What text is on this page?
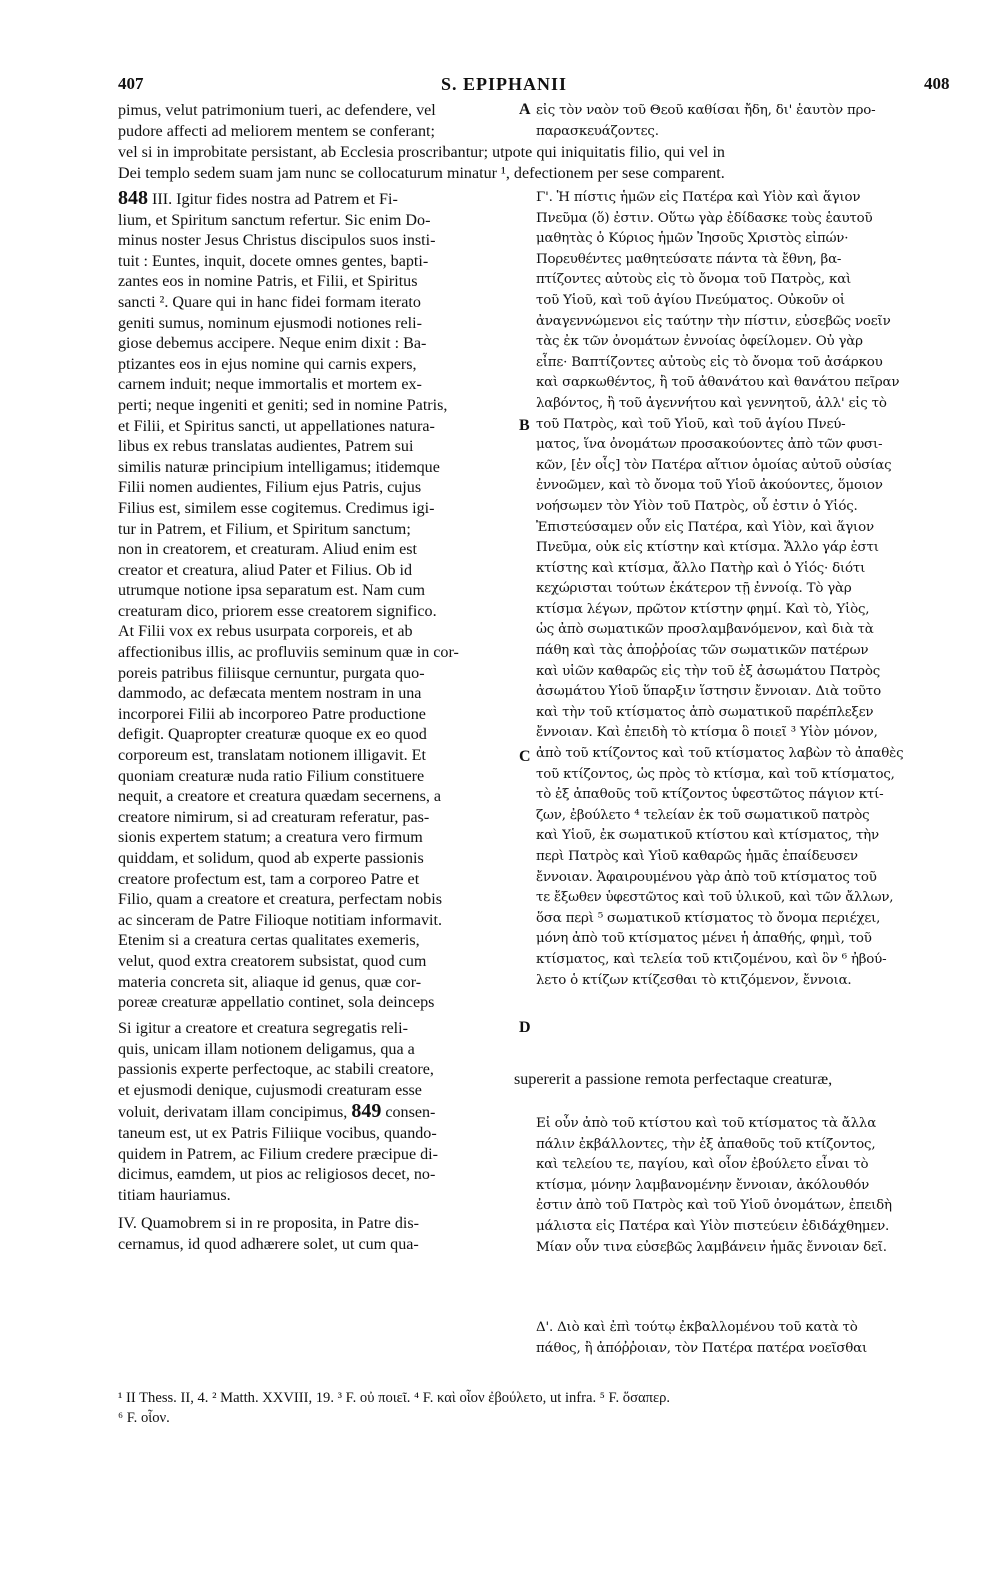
407	S. EPIPHANII	408
pimus, velut patrimonium tueri, ac defendere, vel
pudore affecti ad meliorem mentem se conferant;
A εἰς τὸν ναὸν τοῦ Θεοῦ καθίσαι ἤδη, δι' ἑαυτὸν προ-
παρασκευάζοντες.
vel si in improbitate persistant, ab Ecclesia proscribantur; utpote qui iniquitatis filio, qui vel in
Dei templo sedem suam jam nunc se collocaturum minatur ¹, defectionem per sese comparent.
848 III. Igitur fides nostra ad Patrem et Fi-
lium, et Spiritum sanctum refertur. Sic enim Do-
minus noster Jesus Christus discipulos suos insti-
tuit : Euntes, inquit, docete omnes gentes, bapti-
zantes eos in nomine Patris, et Filii, et Spiritus
sancti ². Quare qui in hanc fidei formam iterato
geniti sumus, nominum ejusmodi notiones reli-
giose debemus accipere. Neque enim dixit : Ba-
ptizantes eos in ejus nomine qui carnis expers,
carnem induit; neque immortalis et mortem ex-
perti; neque ingeniti et geniti; sed in nomine Patris,
et Filii, et Spiritus sancti, ut appellationes natura-
libus ex rebus translatas audientes, Patrem sui
similis naturæ principium intelligamus; itidemque
Filii nomen audientes, Filium ejus Patris, cujus
Filius est, similem esse cogitemus. Credimus igi-
tur in Patrem, et Filium, et Spiritum sanctum;
non in creatorem, et creaturam. Aliud enim est
creator et creatura, aliud Pater et Filius. Ob id
utrumque notione ipsa separatum est. Nam cum
creaturam dico, priorem esse creatorem significo.
At Filii vox ex rebus usurpata corporeis, et ab
affectionibus illis, ac profluviis seminum quæ in cor-
poreis patribus filiisque cernuntur, purgata quo-
dammodo, ac defæcata mentem nostram in una
incorporei Filii ab incorporeo Patre productione
defigit. Quapropter creaturæ quoque ex eo quod
corporeum est, translatam notionem illigavit. Et
quoniam creaturæ nuda ratio Filium constituere
nequit, a creatore et creatura quædam secernens, a
creatore nimirum, si ad creaturam referatur, pas-
sionis expertem statum; a creatura vero firmum
quiddam, et solidum, quod ab experte passionis
creatore profectum est, tam a corporeo Patre et
Filio, quam a creatore et creatura, perfectam nobis
ac sinceram de Patre Filioque notitiam informavit.
Etenim si a creatura certas qualitates exemeris,
velut, quod extra creatorem subsistat, quod cum
materia concreta sit, aliaque id genus, quæ cor-
poreæ creaturæ appellatio continet, sola deinceps
Si igitur a creatore et creatura segregatis reli-
quis, unicam illam notionem deligamus, qua a
passionis experte perfectoque, ac stabili creatore,
et ejusmodi denique, cujusmodi creaturam esse
voluit, derivatam illam concipimus, 849 consen-
taneum est, ut ex Patris Filiique vocibus, quando-
quidem in Patrem, ac Filium credere præcipue di-
dicimus, eamdem, ut pios ac religiosos decet, no-
titiam hauriamus.
IV. Quamobrem si in re proposita, in Patre dis-
cernamus, id quod adhærere solet, ut cum qua-
B
C
D
Γ'. Ἡ πίστις ἡμῶν εἰς Πατέρα καὶ Υἱὸν καὶ ἅγιον
Πνεῦμα (ὅ) ἐστιν. Οὕτω γὰρ ἐδίδασκε τοὺς ἑαυτοῦ
μαθητὰς ὁ Κύριος ἡμῶν Ἰησοῦς Χριστὸς εἰπών·
Πορευθέντες μαθητεύσατε πάντα τὰ ἔθνη, βα-
πτίζοντες αὐτοὺς εἰς τὸ ὄνομα τοῦ Πατρὸς, καὶ
τοῦ Υἱοῦ, καὶ τοῦ ἁγίου Πνεύματος. Οὐκοῦν οἱ
ἀναγεννώμενοι εἰς ταύτην τὴν πίστιν, εὐσεβῶς νοεῖν
τὰς ἐκ τῶν ὀνομάτων ἐννοίας ὀφείλομεν. Οὐ γὰρ
εἶπε· Βαπτίζοντες αὐτοὺς εἰς τὸ ὄνομα τοῦ ἀσάρκου
καὶ σαρκωθέντος, ἢ τοῦ ἀθανάτου καὶ θανάτου πεῖραν
λαβόντος, ἢ τοῦ ἀγεννήτου καὶ γεννητοῦ, ἀλλ' εἰς τὸ
τοῦ Πατρὸς, καὶ τοῦ Υἱοῦ, καὶ τοῦ ἁγίου Πνεύ-
ματος, ἵνα ὀνομάτων προσακούοντες ἀπὸ τῶν φυσι-
κῶν, [ἐν οἷς] τὸν Πατέρα αἴτιον ὁμοίας αὐτοῦ οὐσίας
ἐννοῶμεν, καὶ τὸ ὄνομα τοῦ Υἱοῦ ἀκούοντες, ὅμοιον
νοήσωμεν τὸν Υἱὸν τοῦ Πατρὸς, οὗ ἐστιν ὁ Υἱός.
Ἐπιστεύσαμεν οὖν εἰς Πατέρα, καὶ Υἱὸν, καὶ ἅγιον
Πνεῦμα, οὐκ εἰς κτίστην καὶ κτίσμα. Ἄλλο γάρ ἐστι
κτίστης καὶ κτίσμα, ἄλλο Πατὴρ καὶ ὁ Υἱός· διότι
κεχώρισται τούτων ἑκάτερον τῇ ἐννοίᾳ. Τὸ γὰρ
κτίσμα λέγων, πρῶτον κτίστην φημί. Καὶ τὸ, Υἱὸς,
ὡς ἀπὸ σωματικῶν προσλαμβανόμενον, καὶ διὰ τὰ
πάθη καὶ τὰς ἀποῤῥοίας τῶν σωματικῶν πατέρων
καὶ υἱῶν καθαρῶς εἰς τὴν τοῦ ἐξ ἀσωμάτου Πατρὸς
ἀσωμάτου Υἱοῦ ὕπαρξιν ἵστησιν ἔννοιαν. Διὰ τοῦτο
καὶ τὴν τοῦ κτίσματος ἀπὸ σωματικοῦ παρέπλεξεν
ἔννοιαν. Καὶ ἐπειδὴ τὸ κτίσμα ὃ ποιεῖ ³ Υἱὸν μόνον,
ἀπὸ τοῦ κτίζοντος καὶ τοῦ κτίσματος λαβὼν τὸ ἀπαθὲς
τοῦ κτίζοντος, ὡς πρὸς τὸ κτίσμα, καὶ τοῦ κτίσματος,
τὸ ἐξ ἀπαθοῦς τοῦ κτίζοντος ὑφεστῶτος πάγιον κτί-
ζων, ἐβούλετο ⁴ τελείαν ἐκ τοῦ σωματικοῦ πατρὸς
καὶ Υἱοῦ, ἐκ σωματικοῦ κτίστου καὶ κτίσματος, τὴν
περὶ Πατρὸς καὶ Υἱοῦ καθαρῶς ἡμᾶς ἐπαίδευσεν
ἔννοιαν. Ἀφαιρουμένου γὰρ ἀπὸ τοῦ κτίσματος τοῦ
τε ἔξωθεν ὑφεστῶτος καὶ τοῦ ὑλικοῦ, καὶ τῶν ἄλλων,
ὅσα περὶ ⁵ σωματικοῦ κτίσματος τὸ ὄνομα περιέχει,
μόνη ἀπὸ τοῦ κτίσματος μένει ἡ ἀπαθής, φημὶ, τοῦ
κτίσματος, καὶ τελεία τοῦ κτιζομένου, καὶ ὃν ⁶ ἠβού-
λετο ὁ κτίζων κτίζεσθαι τὸ κτιζόμενον, ἔννοια.
supererit a passione remota perfectaque creaturæ,
Εἰ οὖν ἀπὸ τοῦ κτίστου καὶ τοῦ κτίσματος τὰ ἄλλα
πάλιν ἐκβάλλοντες, τὴν ἐξ ἀπαθοῦς τοῦ κτίζοντος,
καὶ τελείου τε, παγίου, καὶ οἷον ἐβούλετο εἶναι τὸ
κτίσμα, μόνην λαμβανομένην ἔννοιαν, ἀκόλουθόν
ἐστιν ἀπὸ τοῦ Πατρὸς καὶ τοῦ Υἱοῦ ὀνομάτων, ἐπειδὴ
μάλιστα εἰς Πατέρα καὶ Υἱὸν πιστεύειν ἐδιδάχθημεν.
Μίαν οὖν τινα εὐσεβῶς λαμβάνειν ἡμᾶς ἔννοιαν δεῖ.
Δ'. Διὸ καὶ ἐπὶ τούτῳ ἐκβαλλομένου τοῦ κατὰ τὸ
πάθος, ἢ ἀπόῤῥοιαν, τὸν Πατέρα πατέρα νοεῖσθαι
¹ II Thess. II, 4. ² Matth. XXVIII, 19. ³ F. οὐ ποιεῖ. ⁴ F. καὶ οἷον ἐβούλετο, ut infra. ⁵ F. ὅσαπερ.
⁶ F. οἷον.
